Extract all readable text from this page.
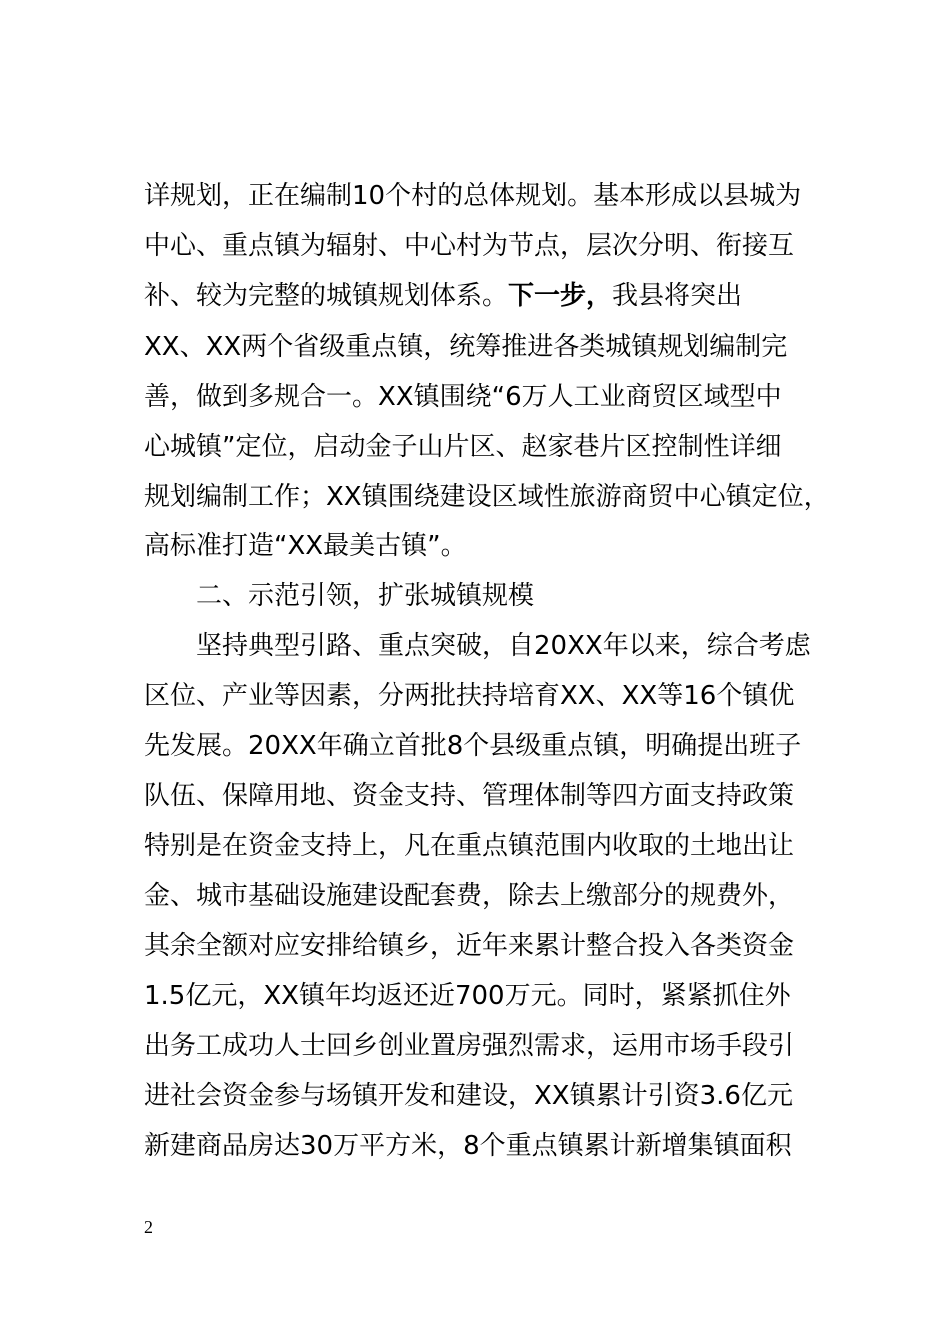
详规划，正在编制10个村的总体规划。基本形成以县城为
中心、重点镇为辐射、中心村为节点，层次分明、衔接互
补、较为完整的城镇规划体系。下一步，我县将突出
XX、XX两个省级重点镇，统筹推进各类城镇规划编制完
善，做到多规合一。XX镇围绕“6万人工业商贸区域型中
心城镇”定位，启动金子山片区、赵家巷片区控制性详细
规划编制工作；XX镇围绕建设区域性旅游商贸中心镇定位，
高标准打造“XX最美古镇”。
二、示范引领，扩张城镇规模
坚持典型引路、重点突破，自20XX年以来，综合考虑
区位、产业等因素，分两批扶持培育XX、XX等16个镇优
先发展。20XX年确立首批8个县级重点镇，明确提出班子
队伍、保障用地、资金支持、管理体制等四方面支持政策
特别是在资金支持上，凡在重点镇范围内收取的土地出让
金、城市基础设施建设配套费，除去上缴部分的规费外，
其余全额对应安排给镇乡，近年来累计整合投入各类资金
1.5亿元，XX镇年均返还近700万元。同时，紧紧抓住外
出务工成功人士回乡创业置房强烈需求，运用市场手段引
进社会资金参与场镇开发和建设，XX镇累计引资3.6亿元
新建商品房达30万平方米，8个重点镇累计新增集镇面积
2
